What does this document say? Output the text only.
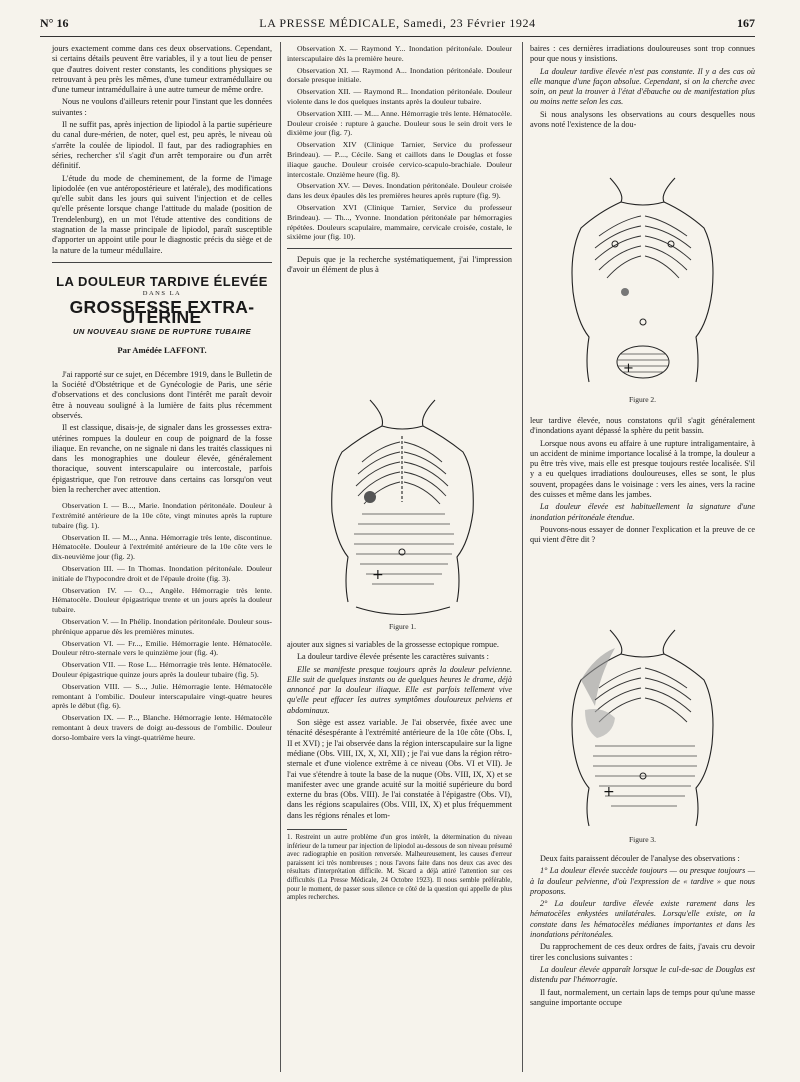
N° 16	LA PRESSE MÉDICALE, Samedi, 23 Février 1924	167

jours exactement comme dans ces deux observations. Cependant, si certains détails peuvent être variables, il y a tout lieu de penser que d'autres doivent rester constants, les conditions physiques se retrouvant à peu près les mêmes, d'une tumeur extramédullaire ou d'une tumeur intramédullaire à une autre tumeur de même ordre.

Nous ne voulons d'ailleurs retenir pour l'instant que les données suivantes :

Il ne suffit pas, après injection de lipiodol à la partie supérieure du canal dure-mérien, de noter, quel est, peu après, le niveau où s'arrête la coulée de lipiodol. Il faut, par des radiographies en séries, rechercher s'il s'agit d'un arrêt temporaire ou d'un arrêt définitif.

L'étude du mode de cheminement, de la forme de l'image lipiodolée (en vue antéropostérieure et latérale), des modifications qu'elle subit dans les jours qui suivent l'injection et de celles qu'elle présente lorsque change l'attitude du malade (position de Trendelenburg), en un mot l'étude attentive des conditions de stagnation de la masse principale de lipiodol, paraît susceptible d'apporter un appoint utile pour le diagnostic précis du siège et de la nature de la tumeur médullaire.

LA DOULEUR TARDIVE ÉLEVÉE
DANS LA
GROSSESSE EXTRA-UTÉRINE
UN NOUVEAU SIGNE DE RUPTURE TUBAIRE
Par Amédée LAFFONT.

J'ai rapporté sur ce sujet, en Décembre 1919, dans le Bulletin de la Société d'Obstétrique et de Gynécologie de Paris, une série d'observations et des conclusions dont l'intérêt me paraît devoir être à nouveau souligné à la lumière de faits plus récemment observés.

Il est classique, disais-je, de signaler dans les grossesses extra-utérines rompues la douleur en coup de poignard de la fosse iliaque. En revanche, on ne signale ni dans les traités classiques ni dans les monographies une douleur élevée, généralement thoracique, souvent interscapulaire ou intercostale, parfois épigastrique, que l'on retrouve dans certains cas lorsqu'on veut bien la rechercher avec attention.

Observation I. — B..., Marie. Inondation péritonéale. Douleur à l'extrémité antérieure de la 10e côte, vingt minutes après la rupture tubaire (fig. 1).

Observation II. — M..., Anna. Hémorragie très lente, discontinue. Hématocèle. Douleur à l'extrémité antérieure de la 10e côte vers le dix-neuvième jour (fig. 2).

Observation III. — In Thomas. Inondation péritonéale. Douleur initiale de l'hypocondre droit et de l'épaule droite (fig. 3).

Observation IV. — O..., Angèle. Hémorragie très lente. Hématocèle. Douleur épigastrique trente et un jours après la douleur tubaire.

Observation V. — In Phélip. Inondation péritonéale. Douleur sous-phrénique apparue dès les premières minutes.

Observation VI. — Fr..., Emilie. Hémorragie lente. Hématocèle. Douleur rétro-sternale vers le quinzième jour (fig. 4).

Observation VII. — Rose L... Hémorragie très lente. Hématocèle. Douleur épigastrique quinze jours après la douleur tubaire (fig. 5).

Observation VIII. — S..., Julie. Hémorragie lente. Hématocèle remontant à l'ombilic. Douleur interscapulaire vingt-quatre heures après le début (fig. 6).

Observation IX. — P..., Blanche. Hémorragie lente. Hématocèle remontant à deux travers de doigt au-dessous de l'ombilic. Douleur dorso-lombaire vers la vingt-quatrième heure.

Observation X. — Raymond Y... Inondation péritonéale. Douleur interscapulaire dès la première heure.

Observation XI. — Raymond A... Inondation péritonéale. Douleur dorsale presque initiale.

Observation XII. — Raymond R... Inondation péritonéale. Douleur violente dans le dos quelques instants après la douleur tubaire.

Observation XIII. — M.... Anne. Hémorragie très lente. Hématocèle. Douleur croisée : rupture à gauche. Douleur sous le sein droit vers le dixième jour (fig. 7).

Observation XIV (Clinique Tarnier, Service du professeur Brindeau). — P...., Cécile. Sang et caillots dans le Douglas et fosse iliaque gauche. Douleur croisée cervico-scapulo-brachiale. Douleur intercostale. Onzième heure (fig. 8).

Observation XV. — Deves. Inondation péritonéale. Douleur croisée dans les deux épaules dès les premières heures après rupture (fig. 9).

Observation XVI (Clinique Tarnier, Service du professeur Brindeau). — Th..., Yvonne. Inondation péritonéale par hémorragies répétées. Douleurs scapulaire, mammaire, cervicale croisée, costale, le sixième jour (fig. 10).

Depuis que je la recherche systématiquement, j'ai l'impression d'avoir un élément de plus à

+
Figure 1.

ajouter aux signes si variables de la grossesse ectopique rompue.

La douleur tardive élevée présente les caractères suivants :

Elle se manifeste presque toujours après la douleur pelvienne. Elle suit de quelques instants ou de quelques heures le drame, déjà annoncé par la douleur iliaque. Elle est parfois tellement vive qu'elle peut effacer les autres symptômes douloureux pelviens et abdominaux.

Son siège est assez variable. Je l'ai observée, fixée avec une ténacité désespérante à l'extrémité antérieure de la 10e côte (Obs. I, II et XVI) ; je l'ai observée dans la région interscapulaire sur la ligne médiane (Obs. VIII, IX, X, XI, XII) ; je l'ai vue dans la région rétro-sternale et d'une violence extrême à ce niveau (Obs. VI et VII). Je l'ai vue s'étendre à toute la base de la nuque (Obs. VIII, IX, X) et se manifester avec une grande acuité sur la moitié supérieure du bord externe du bras (Obs. VIII). Je l'ai constatée à l'épigastre (Obs. VI), dans les régions scapulaires (Obs. VIII, IX, X) et plus fréquemment dans les régions rénales et lom-

1. Restreint un autre problème d'un gros intérêt, la détermination du niveau inférieur de la tumeur par injection de lipiodol au-dessous de son niveau présumé avec radiographie en position renversée. Malheureusement, les causes d'erreur paraissent ici très nombreuses ; nous l'avons faite dans nos deux cas avec des résultats d'interprétation difficile. M. Sicard a déjà attiré l'attention sur ces difficultés (La Presse Médicale, 24 Octobre 1923). Il nous semble préférable, pour le moment, de passer sous silence ce côté de la question qui appelle de plus amples recherches.

baires : ces dernières irradiations douloureuses sont trop connues pour que nous y insistions.

La douleur tardive élevée n'est pas constante. Il y a des cas où elle manque d'une façon absolue. Cependant, si on la cherche avec soin, on peut la trouver à l'état d'ébauche ou de manifestation plus ou moins nette selon les cas.

Si nous analysons les observations au cours desquelles nous avons noté l'existence de la dou-

+
Figure 2.

leur tardive élevée, nous constatons qu'il s'agit généralement d'inondations ayant dépassé la sphère du petit bassin.

Lorsque nous avons eu affaire à une rupture intraligamentaire, à un accident de minime importance localisé à la trompe, la douleur a pu être très vive, mais elle est presque toujours restée localisée. S'il y a eu quelques irradiations douloureuses, elles se sont, le plus souvent, propagées dans le voisinage : vers les aines, vers la racine des cuisses et même dans les jambes.

La douleur élevée est habituellement la signature d'une inondation péritonéale étendue.

Pouvons-nous essayer de donner l'explication et la preuve de ce qui vient d'être dit ?

+
Figure 3.

Deux faits paraissent découler de l'analyse des observations :

1° La douleur élevée succède toujours — ou presque toujours — à la douleur pelvienne, d'où l'expression de « tardive » que nous proposons.

2° La douleur tardive élevée existe rarement dans les hématocèles enkystées unilatérales. Lorsqu'elle existe, on la constate dans les hématocèles médianes importantes et dans les inondations péritonéales.

Du rapprochement de ces deux ordres de faits, j'avais cru devoir tirer les conclusions suivantes :

La douleur élevée apparaît lorsque le cul-de-sac de Douglas est distendu par l'hémorragie.

Il faut, normalement, un certain laps de temps pour qu'une masse sanguine importante occupe
